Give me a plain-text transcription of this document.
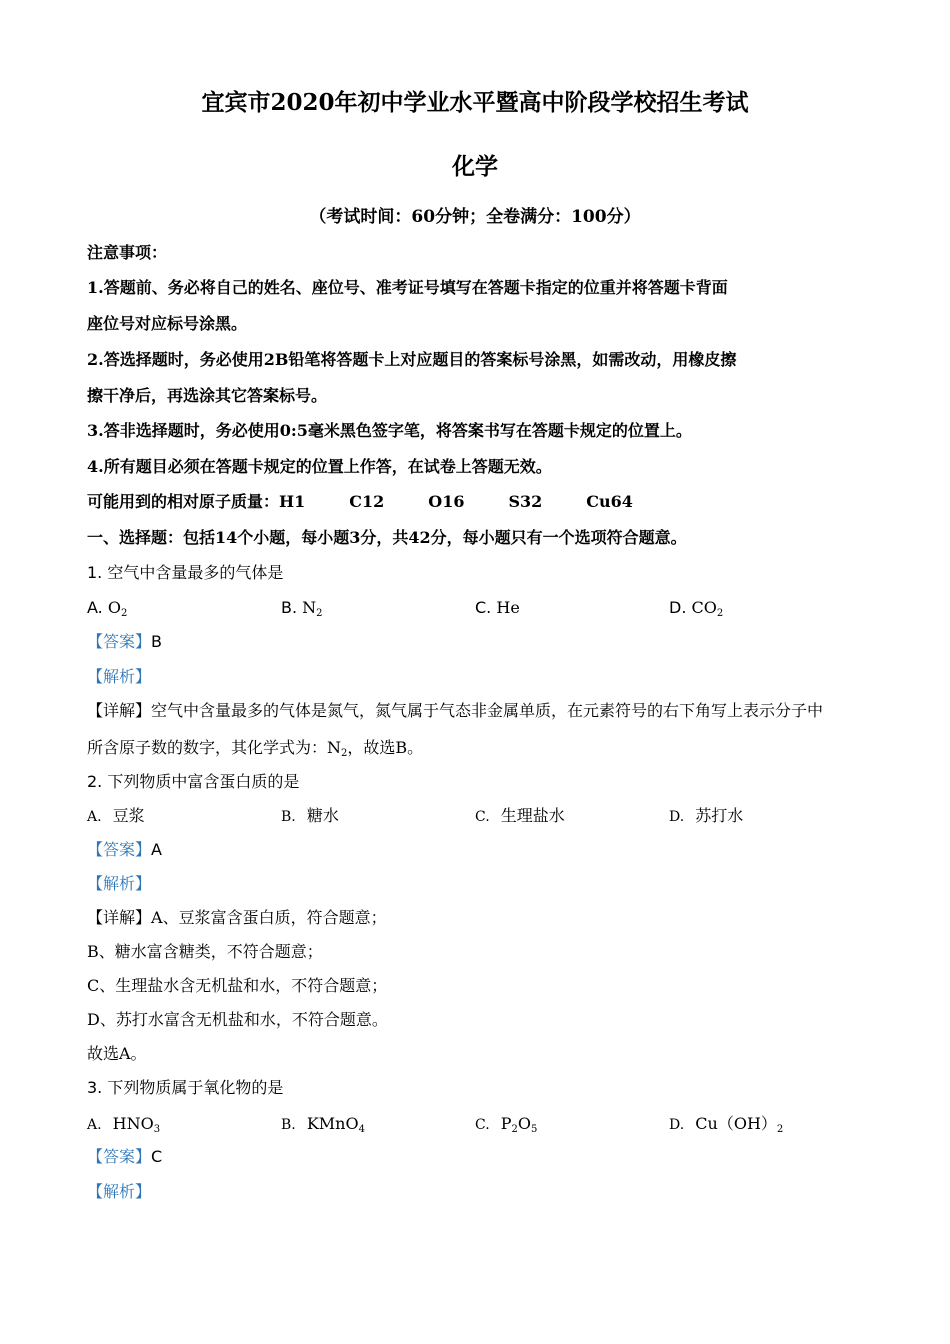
宜宾市2020年初中学业水平暨高中阶段学校招生考试
化学
（考试时间：60分钟；全卷满分：100分）
注意事项：
1.答题前、务必将自己的姓名、座位号、准考证号填写在答题卡指定的位重并将答题卡背面
座位号对应标号涂黑。
2.答选择题时，务必使用2B铅笔将答题卡上对应题目的答案标号涂黑，如需改动，用橡皮擦
擦干净后，再选涂其它答案标号。
3.答非选择题时，务必使用0:5毫米黑色签字笔，将答案书写在答题卡规定的位置上。
4.所有题目必须在答题卡规定的位置上作答，在试卷上答题无效。
可能用到的相对原子质量：H1	C12	O16	S32	Cu64
一、选择题：包括14个小题，每小题3分，共42分，每小题只有一个选项符合题意。
1. 空气中含量最多的气体是
A. $O_2$	B. $N_2$	C. He	D. $CO_2$
【答案】B
【解析】
【详解】空气中含量最多的气体是氮气，氮气属于气态非金属单质，在元素符号的右下角写上表示分子中
所含原子数的数字，其化学式为：$N_2$，故选B。
2. 下列物质中富含蛋白质的是
A. 豆浆	B. 糖水	C. 生理盐水	D. 苏打水
【答案】A
【解析】
【详解】A、豆浆富含蛋白质，符合题意；
B、糖水富含糖类，不符合题意；
C、生理盐水含无机盐和水，不符合题意；
D、苏打水富含无机盐和水，不符合题意。
故选A。
3. 下列物质属于氧化物的是
A. $HNO_3$	B. KMnO$_4$	C. $P_2O_5$	D. $Cu(OH)_2$
【答案】C
【解析】
